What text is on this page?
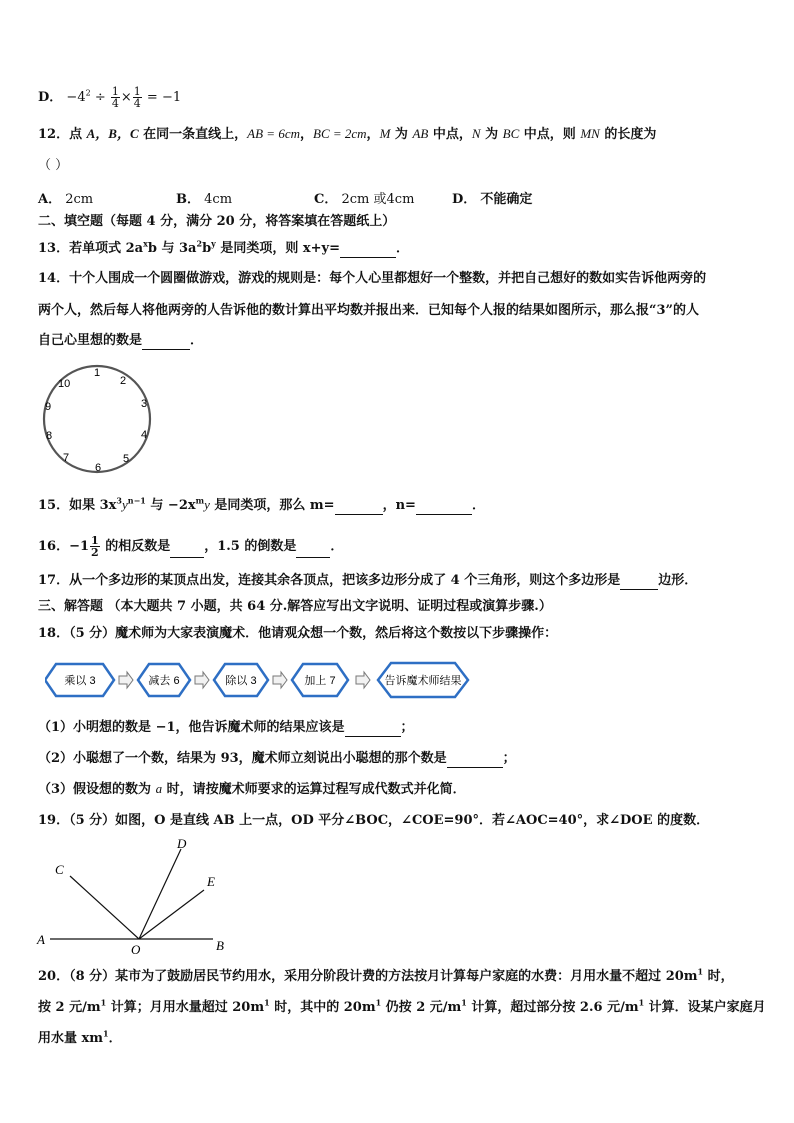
D． $-4^2 \div \frac{1}{4} \times \frac{1}{4} = -1$
12．点 A，B，C 在同一条直线上，AB = 6cm，BC = 2cm，M 为 AB 中点，N 为 BC 中点，则 MN 的长度为
（ ）
A． 2cm	B． 4cm	C． 2cm 或4cm	D． 不能确定
二、填空题（每题 4 分，满分 20 分，将答案填在答题纸上）
13．若单项式 $2a^xb$ 与 $3a^2b^y$ 是同类项，则 x+y=	．
14．十个人围成一个圆圈做游戏，游戏的规则是：每个人心里都想好一个整数，并把自己想好的数如实告诉他两旁的
两个人，然后每人将他两旁的人告诉他的数计算出平均数并报出来．已知每个人报的结果如图所示，那么报“3”的人
自己心里想的数是	．
1
2
3
4
5
6
7
8
9
10
15．如果 $3x^3y^{n-1}$ 与 $-2x^my$ 是同类项，那么 m=	，n=	．
16．$-1 \frac{1}{2}$ 的相反数是	，1.5 的倒数是	．
17．从一个多边形的某顶点出发，连接其余各顶点，把该多边形分成了 4 个三角形，则这个多边形是	边形．
三、解答题 （本大题共 7 小题，共 64 分.解答应写出文字说明、证明过程或演算步骤.）
18．（5 分）魔术师为大家表演魔术．他请观众想一个数，然后将这个数按以下步骤操作：
乘以 3	减去 6	除以 3	加上 7	告诉魔术师结果
（1）小明想的数是 −1，他告诉魔术师的结果应该是	；
（2）小聪想了一个数，结果为 93，魔术师立刻说出小聪想的那个数是	；
（3）假设想的数为 a 时，请按魔术师要求的运算过程写成代数式并化简．
19．（5 分）如图，O 是直线 AB 上一点，OD 平分∠BOC，∠COE=90°．若∠AOC=40°，求∠DOE 的度数．
A	B
C
D
E
O
20．（8 分）某市为了鼓励居民节约用水，采用分阶段计费的方法按月计算每户家庭的水费：月用水量不超过 $20m^1$ 时，
按 2 元$/m^1$ 计算；月用水量超过 $20m^1$ 时，其中的 $20m^1$ 仍按 2 元$/m^1$ 计算，超过部分按 2.6 元$/m^1$ 计算．设某户家庭月
用水量 $xm^1$．
